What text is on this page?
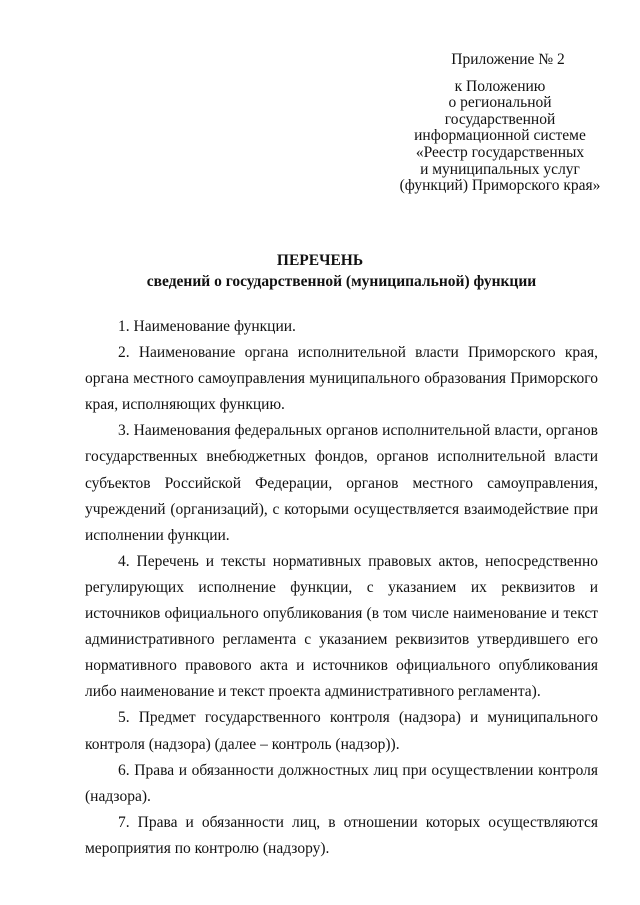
Приложение № 2
к Положению
о региональной
государственной
информационной системе
«Реестр государственных
и муниципальных услуг
(функций) Приморского края»
ПЕРЕЧЕНЬ
сведений о государственной (муниципальной) функции

1. Наименование функции.

2. Наименование органа исполнительной власти Приморского края, органа местного самоуправления муниципального образования Приморского края, исполняющих функцию.

3. Наименования федеральных органов исполнительной власти, органов государственных внебюджетных фондов, органов исполнительной власти субъектов Российской Федерации, органов местного самоуправления, учреждений (организаций), с которыми осуществляется взаимодействие при исполнении функции.

4. Перечень и тексты нормативных правовых актов, непосредственно регулирующих исполнение функции, с указанием их реквизитов и источников официального опубликования (в том числе наименование и текст административного регламента с указанием реквизитов утвердившего его нормативного правового акта и источников официального опубликования либо наименование и текст проекта административного регламента).

5. Предмет государственного контроля (надзора) и муниципального контроля (надзора) (далее – контроль (надзор)).

6. Права и обязанности должностных лиц при осуществлении контроля (надзора).

7. Права и обязанности лиц, в отношении которых осуществляются мероприятия по контролю (надзору).
